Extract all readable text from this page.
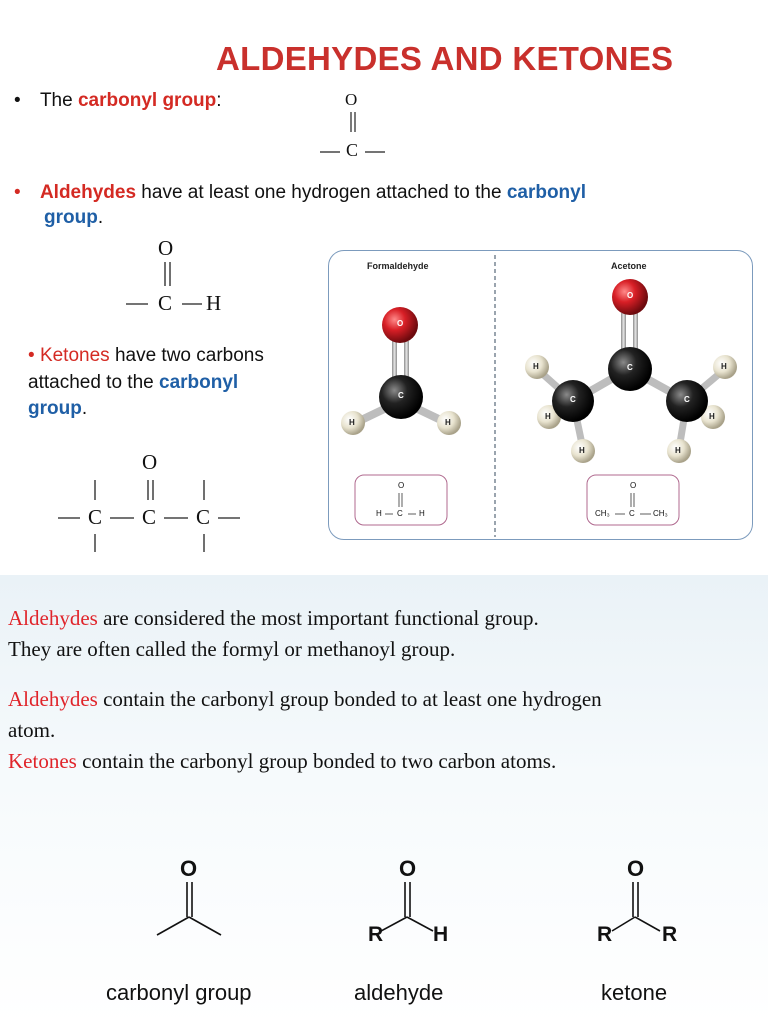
ALDEHYDES AND KETONES
• The carbonyl group:	O
C
• Aldehydes have at least one hydrogen attached to the carbonyl
group.
O
C H
• Ketones have two carbons
attached to the carbonyl
group.
O
C C C
Formaldehyde	Acetone
O
C
H	H
O
C
C	C
H
H
H
H
H
H
O
H C H
O
CH₃ C CH₃
Aldehydes are considered the most important functional group.
They are often called the formyl or methanoyl group.
Aldehydes contain the carbonyl group bonded to at least one hydrogen
atom.
Ketones contain the carbonyl group bonded to two carbon atoms.
O	O
R H
O
R R
carbonyl group	aldehyde	ketone
